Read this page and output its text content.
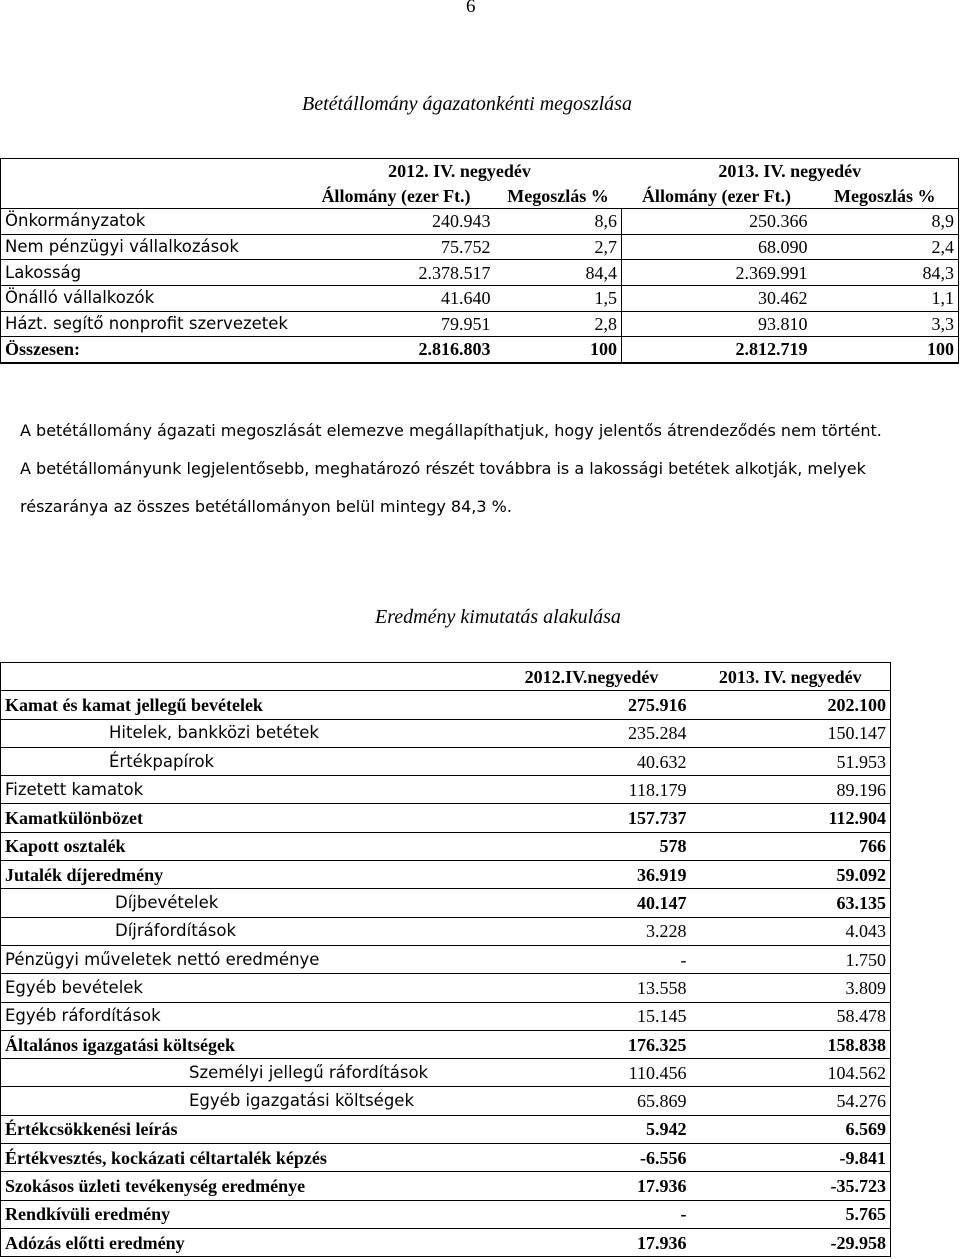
6
Betétállomány ágazatonkénti megoszlása
	2012. IV. negyedév		2013. IV. negyedév	
	Állomány (ezer Ft.)	Megoszlás %	Állomány (ezer Ft.)	Megoszlás %
Önkormányzatok	240.943	8,6	250.366	8,9
Nem pénzügyi vállalkozások	75.752	2,7	68.090	2,4
Lakosság	2.378.517	84,4	2.369.991	84,3
Önálló vállalkozók	41.640	1,5	30.462	1,1
Házt. segítő nonprofit szervezetek	79.951	2,8	93.810	3,3
Összesen:	2.816.803	100	2.812.719	100
A betétállomány ágazati megoszlását elemezve megállapíthatjuk, hogy jelentős átrendeződés nem történt.
A betétállományunk legjelentősebb, meghatározó részét továbbra is a lakossági betétek alkotják, melyek részaránya az összes betétállományon belül mintegy 84,3 %.
Eredmény kimutatás alakulása
	2012.IV.negyedév	2013. IV. negyedév
Kamat és kamat jellegű bevételek	275.916	202.100
Hitelek, bankközi betétek	235.284	150.147
Értékpapírok	40.632	51.953
Fizetett kamatok	118.179	89.196
Kamatkülönbözet	157.737	112.904
Kapott osztalék	578	766
Jutalék díjeredmény	36.919	59.092
Díjbevételek	40.147	63.135
Díjráfordítások	3.228	4.043
Pénzügyi műveletek nettó eredménye	-	1.750
Egyéb bevételek	13.558	3.809
Egyéb ráfordítások	15.145	58.478
Általános igazgatási költségek	176.325	158.838
Személyi jellegű ráfordítások	110.456	104.562
Egyéb igazgatási költségek	65.869	54.276
Értékcsökkenési leírás	5.942	6.569
Értékvesztés, kockázati céltartalék képzés	-6.556	-9.841
Szokásos üzleti tevékenység eredménye	17.936	-35.723
Rendkívüli eredmény	-	5.765
Adózás előtti eredmény	17.936	-29.958
